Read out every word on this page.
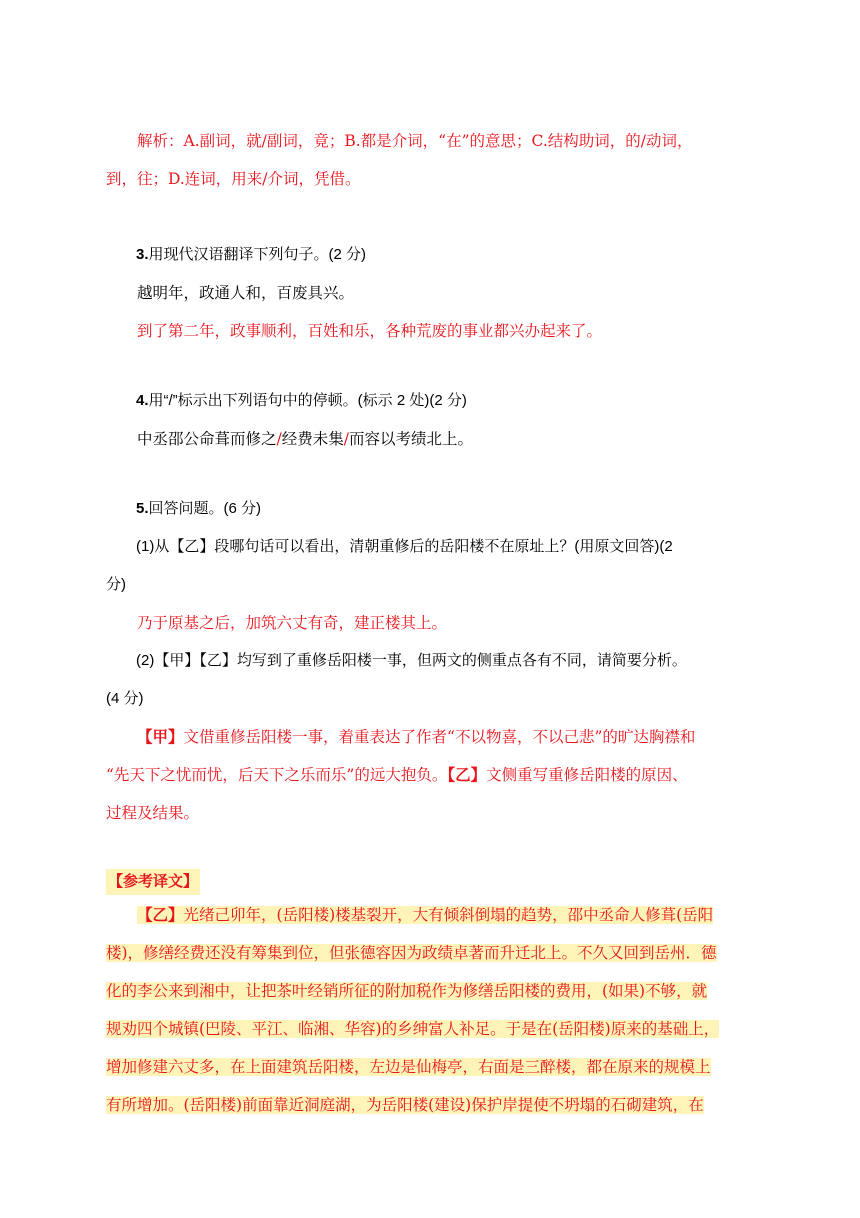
解析：A.副词，就/副词，竟；B.都是介词，“在”的意思；C.结构助词，的/动词，
到，往；D.连词，用来/介词，凭借。
3.用现代汉语翻译下列句子。(2 分)
越明年，政通人和，百废具兴。
到了第二年，政事顺利，百姓和乐，各种荒废的事业都兴办起来了。
4.用“/”标示出下列语句中的停顿。(标示 2 处)(2 分)
中丞邵公命葺而修之/经费未集/而容以考绩北上。
5.回答问题。(6 分)
(1)从【乙】段哪句话可以看出，清朝重修后的岳阳楼不在原址上？(用原文回答)(2
分)
乃于原基之后，加筑六丈有奇，建正楼其上。
(2)【甲】【乙】均写到了重修岳阳楼一事，但两文的侧重点各有不同，请简要分析。
(4 分)
【甲】文借重修岳阳楼一事，着重表达了作者“不以物喜，不以己悲”的旷达胸襟和
“先天下之忧而忧，后天下之乐而乐”的远大抱负。【乙】文侧重写重修岳阳楼的原因、
过程及结果。
【参考译文】
【乙】光绪己卯年，(岳阳楼)楼基裂开，大有倾斜倒塌的趋势，邵中丞命人修葺(岳阳
楼)，修缮经费还没有筹集到位，但张德容因为政绩卓著而升迁北上。不久又回到岳州．德
化的李公来到湘中，让把茶叶经销所征的附加税作为修缮岳阳楼的费用，(如果)不够，就
规劝四个城镇(巴陵、平江、临湘、华容)的乡绅富人补足。于是在(岳阳楼)原来的基础上，
增加修建六丈多，在上面建筑岳阳楼，左边是仙梅亭，右面是三醉楼，都在原来的规模上
有所增加。(岳阳楼)前面靠近洞庭湖，为岳阳楼(建设)保护岸提使不坍塌的石砌建筑，在
